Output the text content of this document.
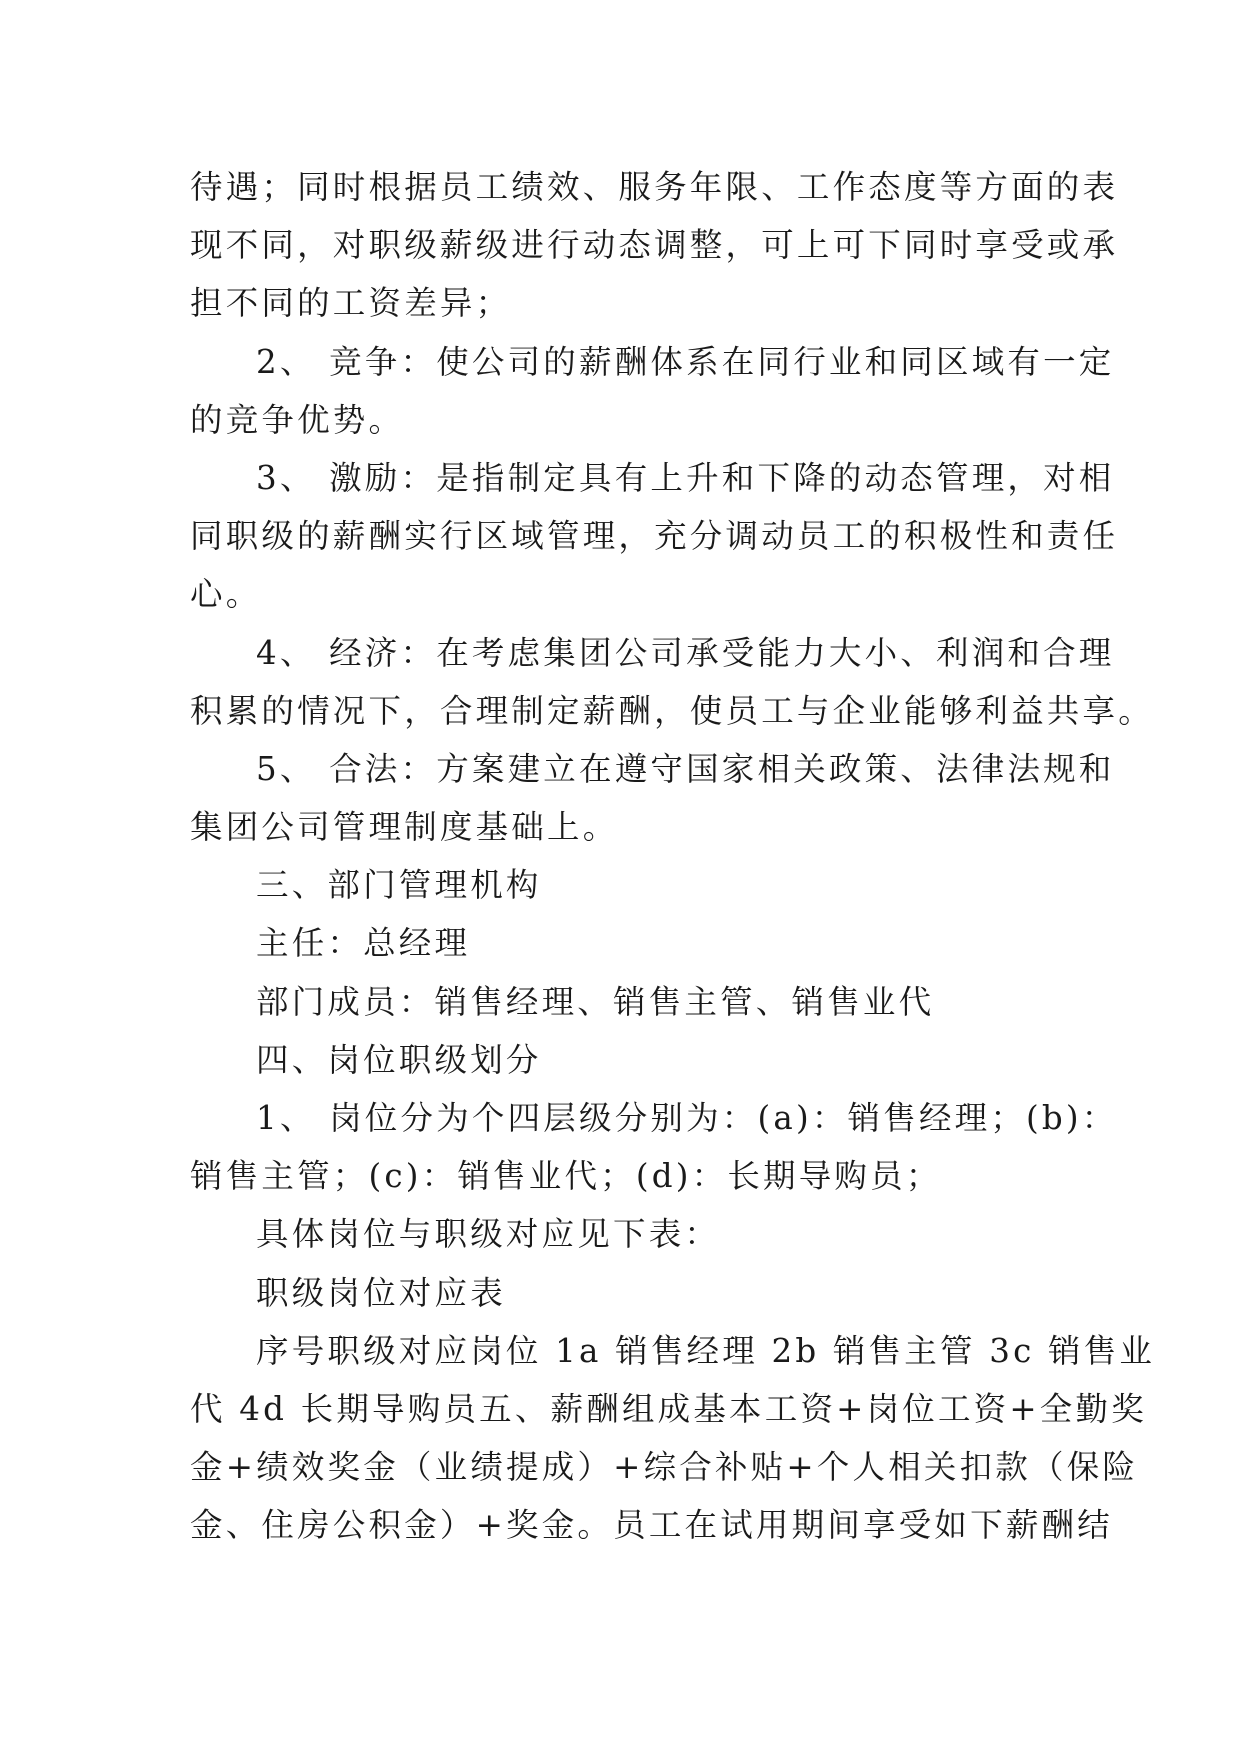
待遇；同时根据员工绩效、服务年限、工作态度等方面的表
现不同，对职级薪级进行动态调整，可上可下同时享受或承
担不同的工资差异；
2、 竞争：使公司的薪酬体系在同行业和同区域有一定
的竞争优势。
3、 激励：是指制定具有上升和下降的动态管理，对相
同职级的薪酬实行区域管理，充分调动员工的积极性和责任
心。
4、 经济：在考虑集团公司承受能力大小、利润和合理
积累的情况下，合理制定薪酬，使员工与企业能够利益共享。
5、 合法：方案建立在遵守国家相关政策、法律法规和
集团公司管理制度基础上。
三、部门管理机构
主任：总经理
部门成员：销售经理、销售主管、销售业代
四、岗位职级划分
1、 岗位分为个四层级分别为：(a)：销售经理；(b)：
销售主管；(c)：销售业代；(d)：长期导购员；
具体岗位与职级对应见下表：
职级岗位对应表
序号职级对应岗位 1a 销售经理 2b 销售主管 3c 销售业
代 4d 长期导购员五、薪酬组成基本工资+岗位工资+全勤奖
金+绩效奖金（业绩提成）+综合补贴+个人相关扣款（保险
金、住房公积金）+奖金。员工在试用期间享受如下薪酬结
